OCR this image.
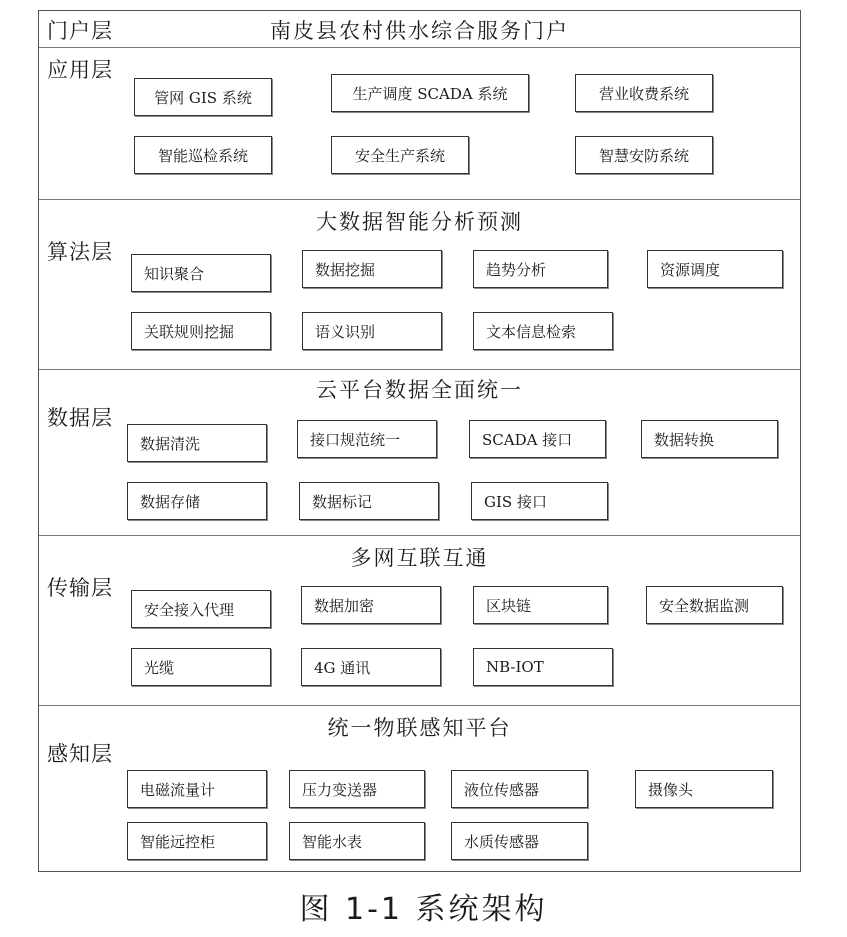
门户层	南皮县农村供水综合服务门户
应用层
管网 GIS 系统	生产调度 SCADA 系统	营业收费系统
智能巡检系统	安全生产系统	智慧安防系统
算法层
大数据智能分析预测
知识聚合	数据挖掘	趋势分析	资源调度
关联规则挖掘	语义识别	文本信息检索
数据层
云平台数据全面统一
数据清洗	接口规范统一	SCADA 接口	数据转换
数据存储	数据标记	GIS 接口
传输层
多网互联互通
安全接入代理	数据加密	区块链	安全数据监测
光缆	4G 通讯	NB-IOT
感知层
统一物联感知平台
电磁流量计	压力变送器	液位传感器	摄像头
智能远控柜	智能水表	水质传感器
图 1-1 系统架构
